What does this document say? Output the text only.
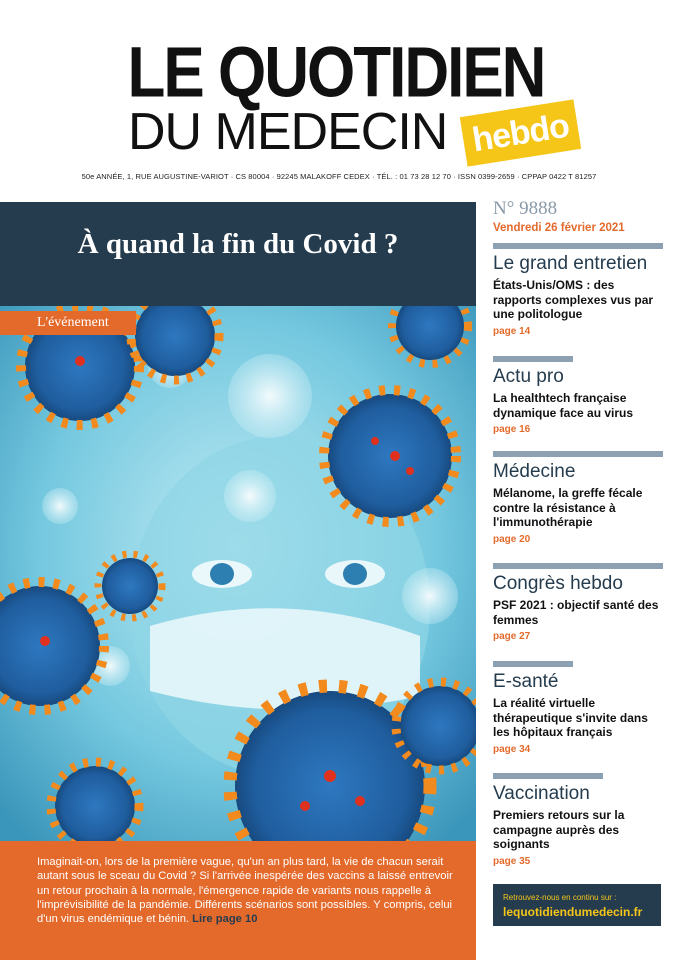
LE QUOTIDIEN
DU MEDECIN hebdo
50e ANNÉE, 1, RUE AUGUSTINE-VARIOT · CS 80004 · 92245 MALAKOFF CEDEX · TÉL. : 01 73 28 12 70 · ISSN 0399-2659 · CPPAP 0422 T 81257
À quand la fin du Covid ?
L'événement
Imaginait-on, lors de la première vague, qu'un an plus tard, la vie de chacun serait autant sous le sceau du Covid ? Si l'arrivée inespérée des vaccins a laissé entrevoir un retour prochain à la normale, l'émergence rapide de variants nous rappelle à l'imprévisibilité de la pandémie. Différents scénarios sont possibles. Y compris, celui d'un virus endémique et bénin. Lire page 10
N° 9888
Vendredi 26 février 2021
Le grand entretien
États-Unis/OMS : des rapports complexes vus par une politologue
page 14
Actu pro
La healthtech française dynamique face au virus
page 16
Médecine
Mélanome, la greffe fécale contre la résistance à l'immunothérapie
page 20
Congrès hebdo
PSF 2021 : objectif santé des femmes
page 27
E-santé
La réalité virtuelle thérapeutique s'invite dans les hôpitaux français
page 34
Vaccination
Premiers retours sur la campagne auprès des soignants
page 35
Retrouvez-nous en continu sur :
lequotidiendumedecin.fr
